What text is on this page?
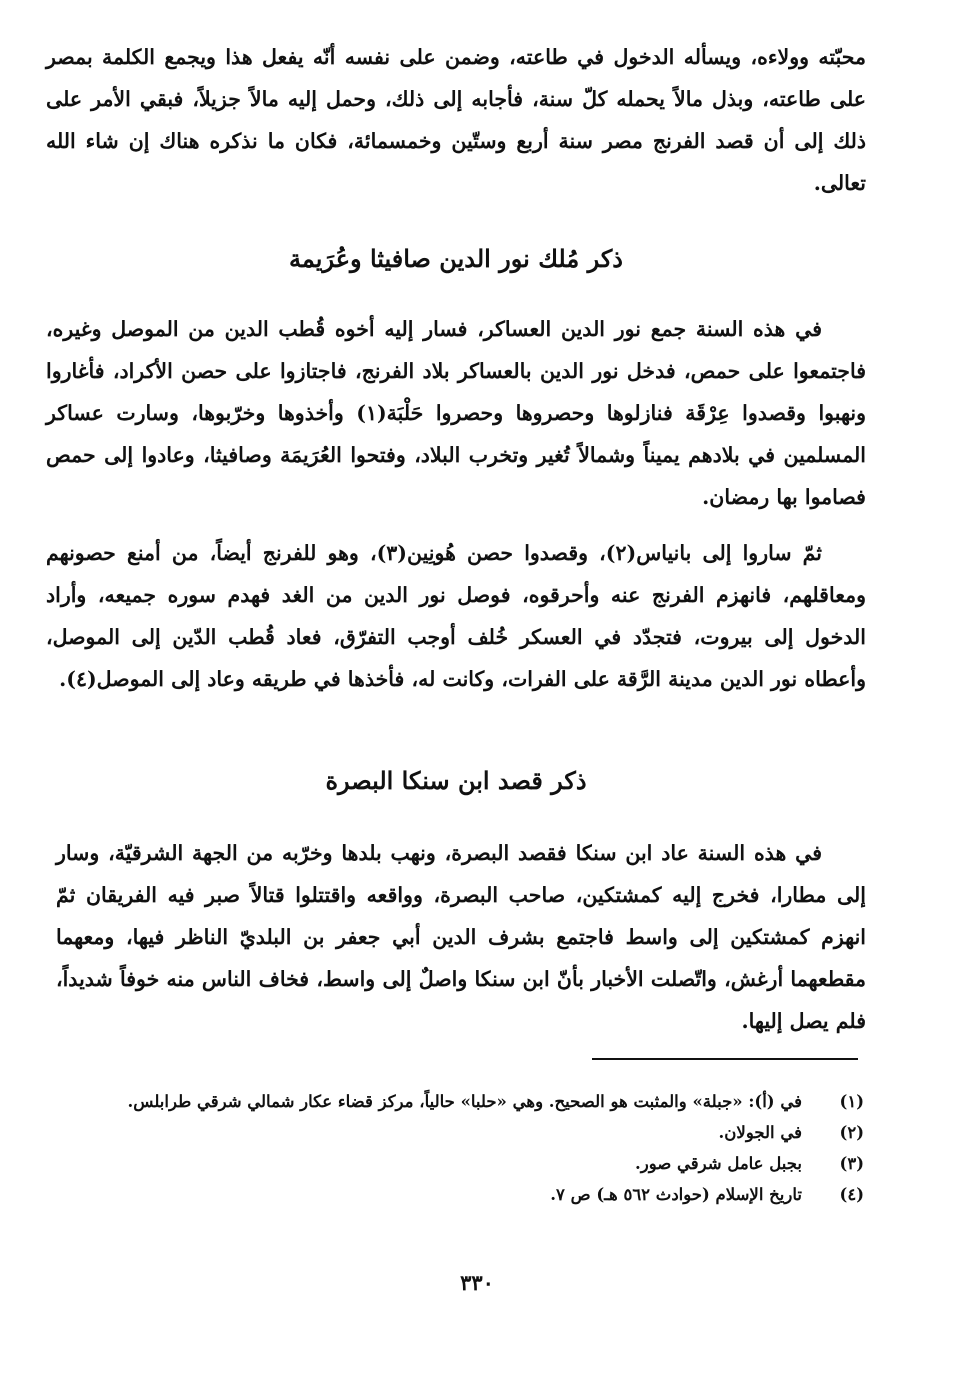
محبّته وولاءه، ويسأله الدخول في طاعته، وضمن على نفسه أنّه يفعل هذا ويجمع الكلمة بمصر على طاعته، وبذل مالاً يحمله كلّ سنة، فأجابه إلى ذلك، وحمل إليه مالاً جزيلاً، فبقي الأمر على ذلك إلى أن قصد الفرنج مصر سنة أربع وستّين وخمسمائة، فكان ما نذكره هناك إن شاء الله تعالى.

ذكر مُلك نور الدين صافيثا وعُرَيمة

في هذه السنة جمع نور الدين العساكر، فسار إليه أخوه قُطب الدين من الموصل وغيره، فاجتمعوا على حمص، فدخل نور الدين بالعساكر بلاد الفرنج، فاجتازوا على حصن الأكراد، فأغاروا ونهبوا وقصدوا عِرْقَة فنازلوها وحصروها وحصروا حَلْبَة(١) وأخذوها وخرّبوها، وسارت عساكر المسلمين في بلادهم يميناً وشمالاً تُغير وتخرب البلاد، وفتحوا العُرَيمَة وصافيثا، وعادوا إلى حمص فصاموا بها رمضان.

ثمّ ساروا إلى بانياس(٢)، وقصدوا حصن هُونِين(٣)، وهو للفرنج أيضاً، من أمنع حصونهم ومعاقلهم، فانهزم الفرنج عنه وأحرقوه، فوصل نور الدين من الغد فهدم سوره جميعه، وأراد الدخول إلى بيروت، فتجدّد في العسكر خُلف أوجب التفرّق، فعاد قُطب الدّين إلى الموصل، وأعطاه نور الدين مدينة الرَّقة على الفرات، وكانت له، فأخذها في طريقه وعاد إلى الموصل(٤).

ذكر قصد ابن سنكا البصرة

في هذه السنة عاد ابن سنكا فقصد البصرة، ونهب بلدها وخرّبه من الجهة الشرقيّة، وسار إلى مطارا، فخرج إليه كمشتكين، صاحب البصرة، وواقعه واقتتلوا قتالاً صبر فيه الفريقان ثمّ انهزم كمشتكين إلى واسط فاجتمع بشرف الدين أبي جعفر بن البلديّ الناظر فيها، ومعهما مقطعهما أرغش، واتّصلت الأخبار بأنّ ابن سنكا واصلٌ إلى واسط، فخاف الناس منه خوفاً شديداً، فلم يصل إليها.

(١)
في (أ): «جبلة» والمثبت هو الصحيح. وهي «حلبا» حالياً، مركز قضاء عكار شمالي شرقي طرابلس.
(٢)
في الجولان.
(٣)
بجبل عامل شرقي صور.
(٤)
تاريخ الإسلام (حوادث ٥٦٢ هـ) ص ٧.
٣٣٠
